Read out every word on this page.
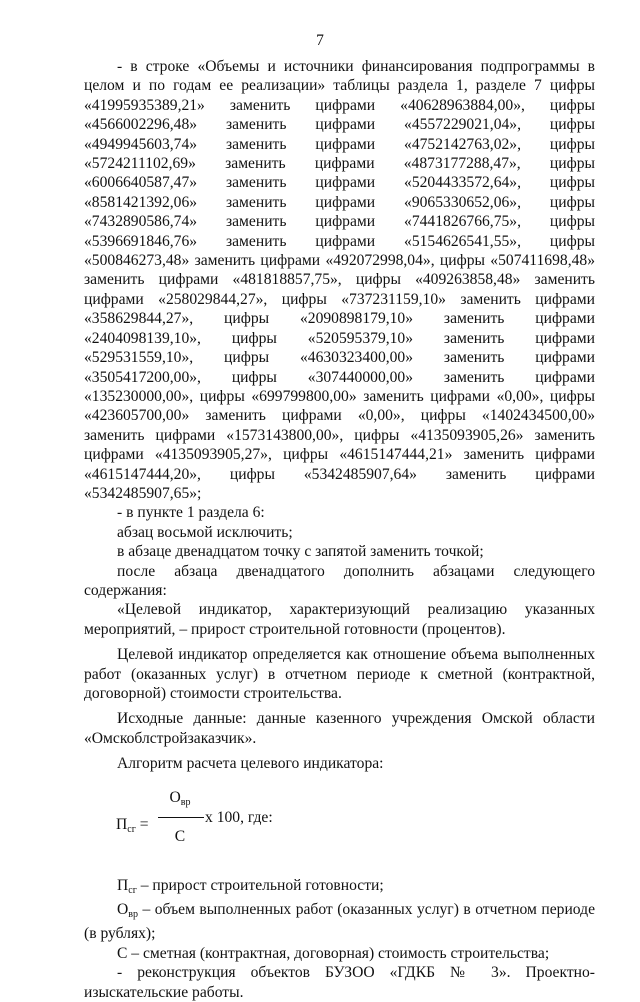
7

- в строке «Объемы и источники финансирования подпрограммы в целом и по годам ее реализации» таблицы раздела 1, разделе 7 цифры «41995935389,21» заменить цифрами «40628963884,00», цифры «4566002296,48» заменить цифрами «4557229021,04», цифры «4949945603,74» заменить цифрами «4752142763,02», цифры «5724211102,69» заменить цифрами «4873177288,47», цифры «6006640587,47» заменить цифрами «5204433572,64», цифры «8581421392,06» заменить цифрами «9065330652,06», цифры «7432890586,74» заменить цифрами «7441826766,75», цифры «5396691846,76» заменить цифрами «5154626541,55», цифры «500846273,48» заменить цифрами «492072998,04», цифры «507411698,48» заменить цифрами «481818857,75», цифры «409263858,48» заменить цифрами «258029844,27», цифры «737231159,10» заменить цифрами «358629844,27», цифры «2090898179,10» заменить цифрами «2404098139,10», цифры «520595379,10» заменить цифрами «529531559,10», цифры «4630323400,00» заменить цифрами «3505417200,00», цифры «307440000,00» заменить цифрами «135230000,00», цифры «699799800,00» заменить цифрами «0,00», цифры «423605700,00» заменить цифрами «0,00», цифры «1402434500,00» заменить цифрами «1573143800,00», цифры «4135093905,26» заменить цифрами «4135093905,27», цифры «4615147444,21» заменить цифрами «4615147444,20», цифры «5342485907,64» заменить цифрами «5342485907,65»;

- в пункте 1 раздела 6:

абзац восьмой исключить;

в абзаце двенадцатом точку с запятой заменить точкой;

после абзаца двенадцатого дополнить абзацами следующего содержания:

«Целевой индикатор, характеризующий реализацию указанных мероприятий, – прирост строительной готовности (процентов).

Целевой индикатор определяется как отношение объема выполненных работ (оказанных услуг) в отчетном периоде к сметной (контрактной, договорной) стоимости строительства.

Исходные данные: данные казенного учреждения Омской области «Омскоблстройзаказчик».

Алгоритм расчета целевого индикатора:

$П_{сг}$ =
$О_{вр}$
x 100, где:
С

$П_{сг}$ – прирост строительной готовности;

$О_{вр}$ – объем выполненных работ (оказанных услуг) в отчетном периоде (в рублях);

С – сметная (контрактная, договорная) стоимость строительства;

- реконструкция объектов БУЗОО «ГДКБ № 3». Проектно-изыскательские работы.
